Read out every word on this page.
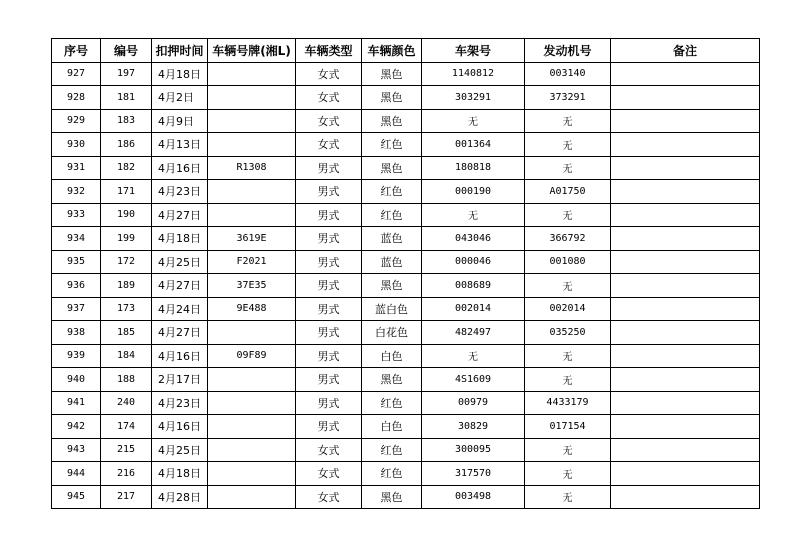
序号	编号	扣押时间	车辆号牌(湘L)	车辆类型	车辆颜色	车架号	发动机号	备注
927	197	4月18日		女式	黑色	1140812	003140	
928	181	4月2日		女式	黑色	303291	373291	
929	183	4月9日		女式	黑色	无	无	
930	186	4月13日		女式	红色	001364	无	
931	182	4月16日	R1308	男式	黑色	180818	无	
932	171	4月23日		男式	红色	000190	A01750	
933	190	4月27日		男式	红色	无	无	
934	199	4月18日	3619E	男式	蓝色	043046	366792	
935	172	4月25日	F2021	男式	蓝色	000046	001080	
936	189	4月27日	37E35	男式	黑色	008689	无	
937	173	4月24日	9E488	男式	蓝白色	002014	002014	
938	185	4月27日		男式	白花色	482497	035250	
939	184	4月16日	09F89	男式	白色	无	无	
940	188	2月17日		男式	黑色	4S1609	无	
941	240	4月23日		男式	红色	00979	4433179	
942	174	4月16日		男式	白色	30829	017154	
943	215	4月25日		女式	红色	300095	无	
944	216	4月18日		女式	红色	317570	无	
945	217	4月28日		女式	黑色	003498	无	
